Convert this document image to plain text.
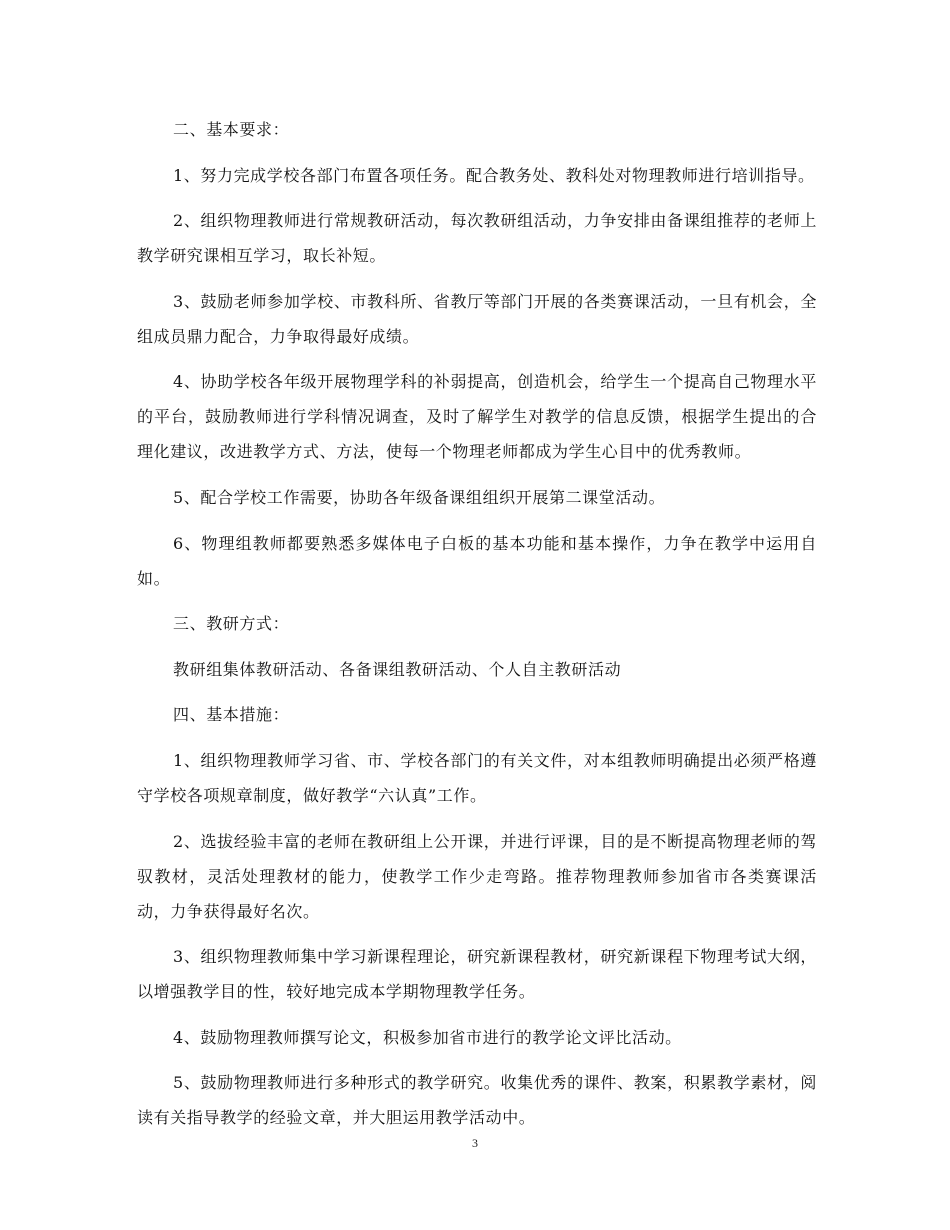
二、基本要求：

1、努力完成学校各部门布置各项任务。配合教务处、教科处对物理教师进行培训指导。

2、组织物理教师进行常规教研活动，每次教研组活动，力争安排由备课组推荐的老师上教学研究课相互学习，取长补短。

3、鼓励老师参加学校、市教科所、省教厅等部门开展的各类赛课活动，一旦有机会，全组成员鼎力配合，力争取得最好成绩。

4、协助学校各年级开展物理学科的补弱提高，创造机会，给学生一个提高自己物理水平的平台，鼓励教师进行学科情况调查，及时了解学生对教学的信息反馈，根据学生提出的合理化建议，改进教学方式、方法，使每一个物理老师都成为学生心目中的优秀教师。

5、配合学校工作需要，协助各年级备课组组织开展第二课堂活动。

6、物理组教师都要熟悉多媒体电子白板的基本功能和基本操作，力争在教学中运用自如。

三、教研方式：

教研组集体教研活动、各备课组教研活动、个人自主教研活动

四、基本措施：

1、组织物理教师学习省、市、学校各部门的有关文件，对本组教师明确提出必须严格遵守学校各项规章制度，做好教学“六认真”工作。

2、选拔经验丰富的老师在教研组上公开课，并进行评课，目的是不断提高物理老师的驾驭教材，灵活处理教材的能力，使教学工作少走弯路。推荐物理教师参加省市各类赛课活动，力争获得最好名次。

3、组织物理教师集中学习新课程理论，研究新课程教材，研究新课程下物理考试大纲，以增强教学目的性，较好地完成本学期物理教学任务。

4、鼓励物理教师撰写论文，积极参加省市进行的教学论文评比活动。

5、鼓励物理教师进行多种形式的教学研究。收集优秀的课件、教案，积累教学素材，阅读有关指导教学的经验文章，并大胆运用教学活动中。

3
